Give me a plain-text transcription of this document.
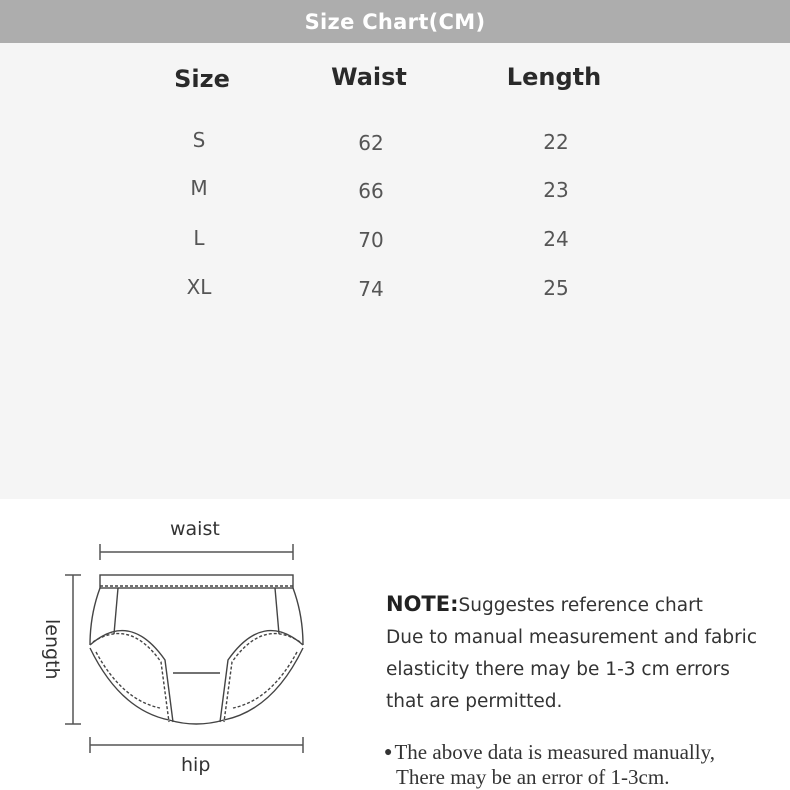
Size Chart(CM)
Size	Waist	Length
S	62	22
M	66	23
L	70	24
XL	74	25
waist
length
hip
NOTE:Suggestes reference chart
Due to manual measurement and fabric
elasticity there may be 1-3 cm errors
that are permitted.
●The above data is measured manually,
There may be an error of 1-3cm.
